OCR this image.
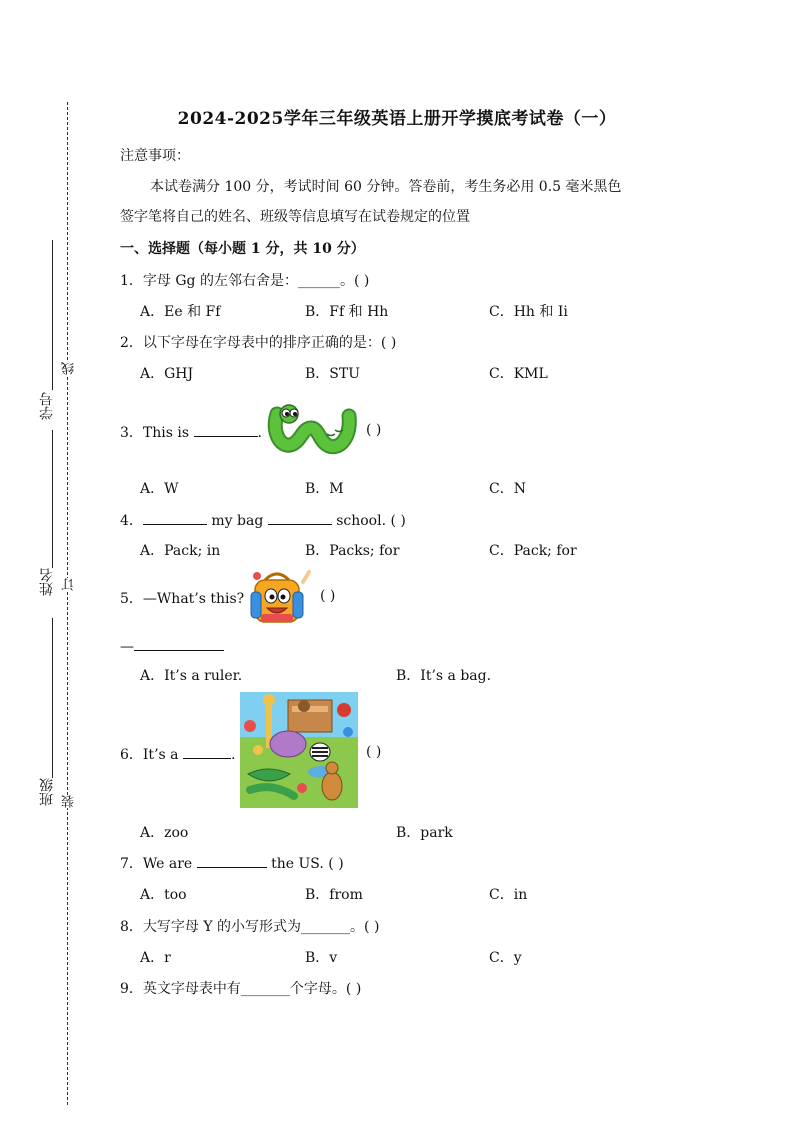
学号
姓名
班级
线
订
装
2024-2025学年三年级英语上册开学摸底考试卷（一）
注意事项：
本试卷满分 100 分，考试时间 60 分钟。答卷前，考生务必用 0.5 毫米黑色
签字笔将自己的姓名、班级等信息填写在试卷规定的位置
一、选择题（每小题 1 分，共 10 分）
1．字母 Gg 的左邻右舍是：______。( )
A．Ee 和 Ff	B．Ff 和 Hh	C．Hh 和 Ii
2．以下字母在字母表中的排序正确的是：( )
A．GHJ	B．STU	C．KML
3．This is	.	( )
A．W	B．M	C．N
4．	my bag	school. ( )
A．Pack; in	B．Packs; for	C．Pack; for
5．—What’s this?	( )
—
A．It’s a ruler.	B．It’s a bag.
6．It’s a	.	( )
A．zoo	B．park
7．We are	the US. ( )
A．too	B．from	C．in
8．大写字母 Y 的小写形式为_______。( )
A．r	B．v	C．y
9．英文字母表中有_______个字母。( )
